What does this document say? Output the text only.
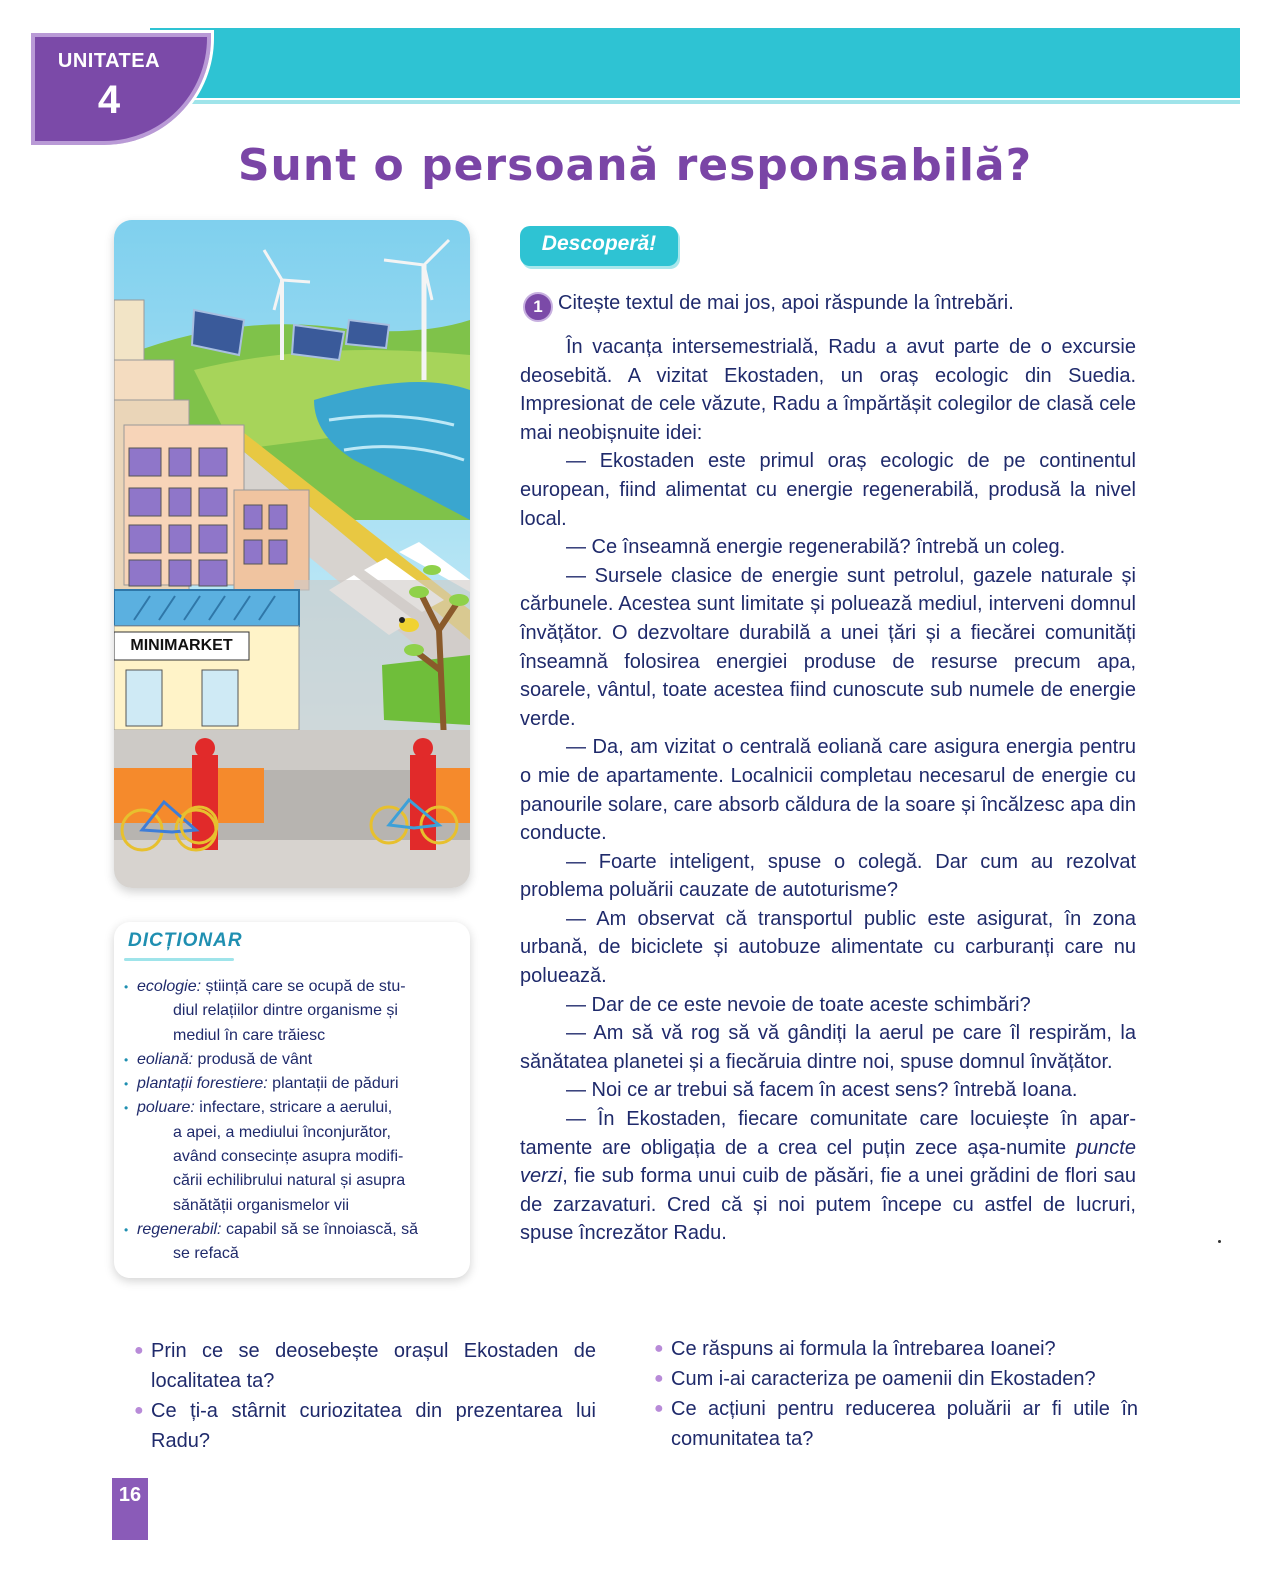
UNITATEA
4
Sunt o persoană responsabilă?
MINIMARKET
DICȚIONAR
• ecologie: știință care se ocupă de stu-
diul relațiilor dintre organisme și
mediul în care trăiesc
• eoliană: produsă de vânt
• plantații forestiere: plantații de păduri
• poluare: infectare, stricare a aerului,
a apei, a mediului înconjurător,
având consecințe asupra modifi-
cării echilibrului natural și asupra
sănătății organismelor vii
• regenerabil: capabil să se înnoiască, să
se refacă
Descoperă!
1 Citește textul de mai jos, apoi răspunde la întrebări.

În vacanța intersemestrială, Radu a avut parte de o excursie deosebită. A vizitat Ekostaden, un oraș ecologic din Suedia. Impresionat de cele văzute, Radu a împărtășit colegilor de clasă cele mai neobișnuite idei:

— Ekostaden este primul oraș ecologic de pe continentul european, fiind alimentat cu energie regenerabilă, produsă la nivel local.

— Ce înseamnă energie regenerabilă? întrebă un coleg.

— Sursele clasice de energie sunt petrolul, gazele naturale și cărbunele. Acestea sunt limitate și poluează mediul, interveni domnul învățător. O dezvoltare durabilă a unei țări și a fiecărei comunități înseamnă folosirea energiei produse de resurse precum apa, soarele, vântul, toate acestea fiind cunoscute sub numele de energie verde.

— Da, am vizitat o centrală eoliană care asigura energia pentru o mie de apartamente. Localnicii completau necesarul de energie cu panourile solare, care absorb căldura de la soare și încălzesc apa din conducte.

— Foarte inteligent, spuse o colegă. Dar cum au rezolvat problema poluării cauzate de autoturisme?

— Am observat că transportul public este asigurat, în zona urbană, de biciclete și autobuze alimentate cu carburanți care nu poluează.

— Dar de ce este nevoie de toate aceste schimbări?

— Am să vă rog să vă gândiți la aerul pe care îl respirăm, la sănătatea planetei și a fiecăruia dintre noi, spuse domnul învățător.

— Noi ce ar trebui să facem în acest sens? întrebă Ioana.

— În Ekostaden, fiecare comunitate care locuiește în apar-tamente are obligația de a crea cel puțin zece așa-numite puncte verzi, fie sub forma unui cuib de păsări, fie a unei grădini de flori sau de zarzavaturi. Cred că și noi putem începe cu astfel de lucruri, spuse încrezător Radu.

● Prin ce se deosebește orașul Ekostaden de localitatea ta?
● Ce ți-a stârnit curiozitatea din prezentarea lui Radu?
● Ce răspuns ai formula la întrebarea Ioanei?
● Cum i-ai caracteriza pe oamenii din Ekostaden?
● Ce acțiuni pentru reducerea poluării ar fi utile în comunitatea ta?
16
